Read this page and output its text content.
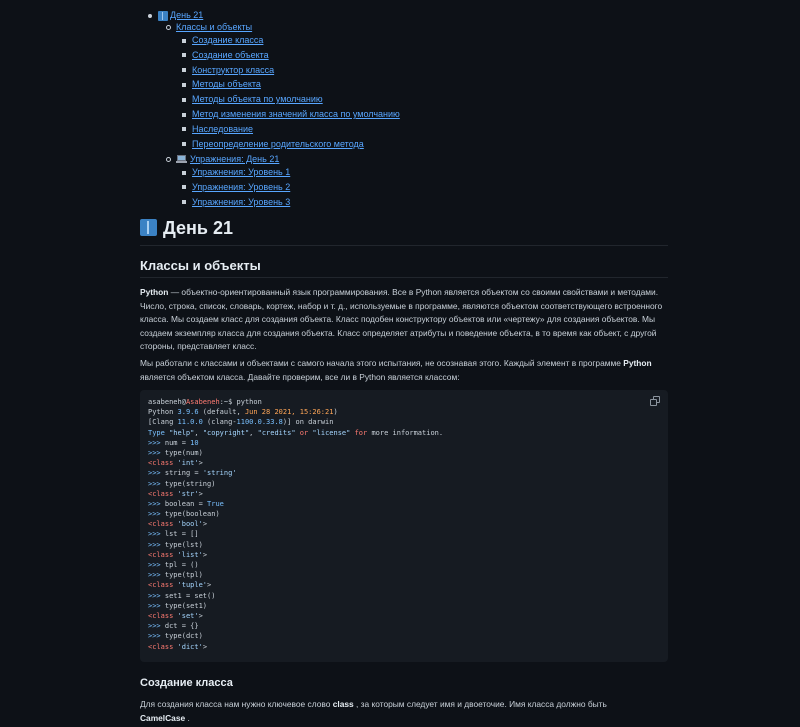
День 21
Классы и объекты
Создание класса
Создание объекта
Конструктор класса
Методы объекта
Методы объекта по умолчанию
Метод изменения значений класса по умолчанию
Наследование
Переопределение родительского метода
Упражнения: День 21
Упражнения: Уровень 1
Упражнения: Уровень 2
Упражнения: Уровень 3
День 21
Классы и объекты

Python — объектно-ориентированный язык программирования. Все в Python является объектом со своими свойствами и методами. Число, строка, список, словарь, кортеж, набор и т. д., используемые в программе, являются объектом соответствующего встроенного класса. Мы создаем класс для создания объекта. Класс подобен конструктору объектов или «чертежу» для создания объектов. Мы создаем экземпляр класса для создания объекта. Класс определяет атрибуты и поведение объекта, в то время как объект, с другой стороны, представляет класс.

Мы работали с классами и объектами с самого начала этого испытания, не осознавая этого. Каждый элемент в программе Python является объектом класса. Давайте проверим, все ли в Python является классом:

asabeneh@Asabeneh:~$ python
Python 3.9.6 (default, Jun 28 2021, 15:26:21)
[Clang 11.0.0 (clang-1100.0.33.8)] on darwin
Type "help", "copyright", "credits" or "license" for more information.
>>> num = 10
>>> type(num)
<class 'int'>
>>> string = 'string'
>>> type(string)
<class 'str'>
>>> boolean = True
>>> type(boolean)
<class 'bool'>
>>> lst = []
>>> type(lst)
<class 'list'>
>>> tpl = ()
>>> type(tpl)
<class 'tuple'>
>>> set1 = set()
>>> type(set1)
<class 'set'>
>>> dct = {}
>>> type(dct)
<class 'dict'>
Создание класса

Для создания класса нам нужно ключевое слово class , за которым следует имя и двоеточие. Имя класса должно быть
CamelCase .
